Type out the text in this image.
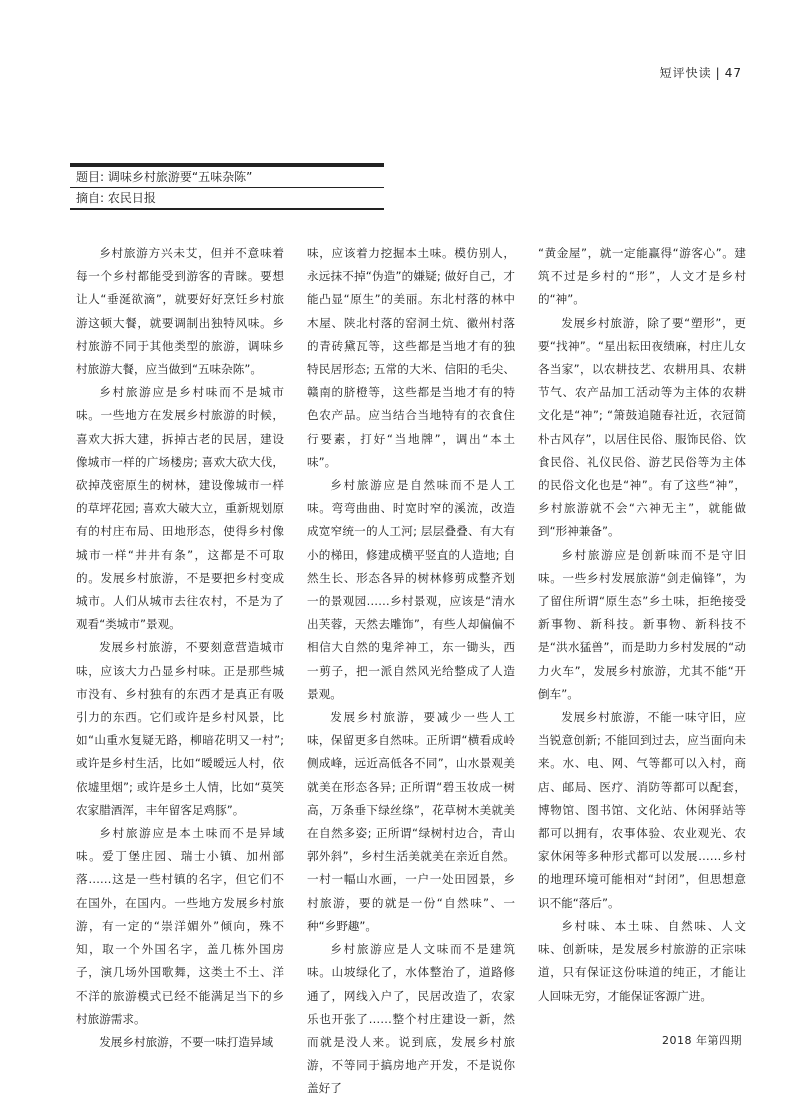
短评快读 | 47
题目: 调味乡村旅游要“五味杂陈”
摘自: 农民日报

乡村旅游方兴未艾，但并不意味着每一个乡村都能受到游客的青睐。要想让人“垂涎欲滴”，就要好好烹饪乡村旅游这顿大餐，就要调制出独特风味。乡村旅游不同于其他类型的旅游，调味乡村旅游大餐，应当做到“五味杂陈”。

乡村旅游应是乡村味而不是城市味。一些地方在发展乡村旅游的时候，喜欢大拆大建，拆掉古老的民居，建设像城市一样的广场楼房; 喜欢大砍大伐，砍掉茂密原生的树林，建设像城市一样的草坪花园; 喜欢大破大立，重新规划原有的村庄布局、田地形态，使得乡村像城市一样“井井有条”，这都是不可取的。发展乡村旅游，不是要把乡村变成城市。人们从城市去往农村，不是为了观看“类城市”景观。

发展乡村旅游，不要刻意营造城市味，应该大力凸显乡村味。正是那些城市没有、乡村独有的东西才是真正有吸引力的东西。它们或许是乡村风景，比如“山重水复疑无路，柳暗花明又一村”; 或许是乡村生活，比如“暧暧远人村，依依墟里烟”; 或许是乡土人情，比如“莫笑农家腊酒浑，丰年留客足鸡豚”。

乡村旅游应是本土味而不是异域味。爱丁堡庄园、瑞士小镇、加州部落……这是一些村镇的名字，但它们不在国外，在国内。一些地方发展乡村旅游，有一定的“崇洋媚外”倾向，殊不知，取一个外国名字，盖几栋外国房子，演几场外国歌舞，这类土不土、洋不洋的旅游模式已经不能满足当下的乡村旅游需求。

发展乡村旅游，不要一味打造异域

味，应该着力挖掘本土味。模仿别人，永远抹不掉“伪造”的嫌疑; 做好自己，才能凸显“原生”的美丽。东北村落的林中木屋、陕北村落的窑洞土炕、徽州村落的青砖黛瓦等，这些都是当地才有的独特民居形态; 五常的大米、信阳的毛尖、赣南的脐橙等，这些都是当地才有的特色农产品。应当结合当地特有的衣食住行要素，打好“当地牌”，调出“本土味”。

乡村旅游应是自然味而不是人工味。弯弯曲曲、时宽时窄的溪流，改造成宽窄统一的人工河; 层层叠叠、有大有小的梯田，修建成横平竖直的人造地; 自然生长、形态各异的树林修剪成整齐划一的景观园……乡村景观，应该是“清水出芙蓉，天然去雕饰”，有些人却偏偏不相信大自然的鬼斧神工，东一锄头，西一剪子，把一派自然风光给整成了人造景观。

发展乡村旅游，要减少一些人工味，保留更多自然味。正所谓“横看成岭侧成峰，远近高低各不同”，山水景观美就美在形态各异; 正所谓“碧玉妆成一树高，万条垂下绿丝绦”，花草树木美就美在自然多姿; 正所谓“绿树村边合，青山郭外斜”，乡村生活美就美在亲近自然。一村一幅山水画，一户一处田园景，乡村旅游，要的就是一份“自然味”、一种“乡野趣”。

乡村旅游应是人文味而不是建筑味。山坡绿化了，水体整治了，道路修通了，网线入户了，民居改造了，农家乐也开张了……整个村庄建设一新，然而就是没人来。说到底，发展乡村旅游，不等同于搞房地产开发，不是说你盖好了

“黄金屋”，就一定能赢得“游客心”。建筑不过是乡村的“形”，人文才是乡村的“神”。

发展乡村旅游，除了要“塑形”，更要“找神”。“星出耘田夜绩麻，村庄儿女各当家”，以农耕技艺、农耕用具、农耕节气、农产品加工活动等为主体的农耕文化是“神”; “箫鼓追随春社近，衣冠简朴古风存”，以居住民俗、服饰民俗、饮食民俗、礼仪民俗、游艺民俗等为主体的民俗文化也是“神”。有了这些“神”，乡村旅游就不会“六神无主”，就能做到“形神兼备”。

乡村旅游应是创新味而不是守旧味。一些乡村发展旅游“剑走偏锋”，为了留住所谓“原生态”乡土味，拒绝接受新事物、新科技。新事物、新科技不是“洪水猛兽”，而是助力乡村发展的“动力火车”，发展乡村旅游，尤其不能“开倒车”。

发展乡村旅游，不能一味守旧，应当锐意创新; 不能回到过去，应当面向未来。水、电、网、气等都可以入村，商店、邮局、医疗、消防等都可以配套，博物馆、图书馆、文化站、休闲驿站等都可以拥有，农事体验、农业观光、农家休闲等多种形式都可以发展……乡村的地理环境可能相对“封闭”，但思想意识不能“落后”。

乡村味、本土味、自然味、人文味、创新味，是发展乡村旅游的正宗味道，只有保证这份味道的纯正，才能让人回味无穷，才能保证客源广进。

2018 年第四期
